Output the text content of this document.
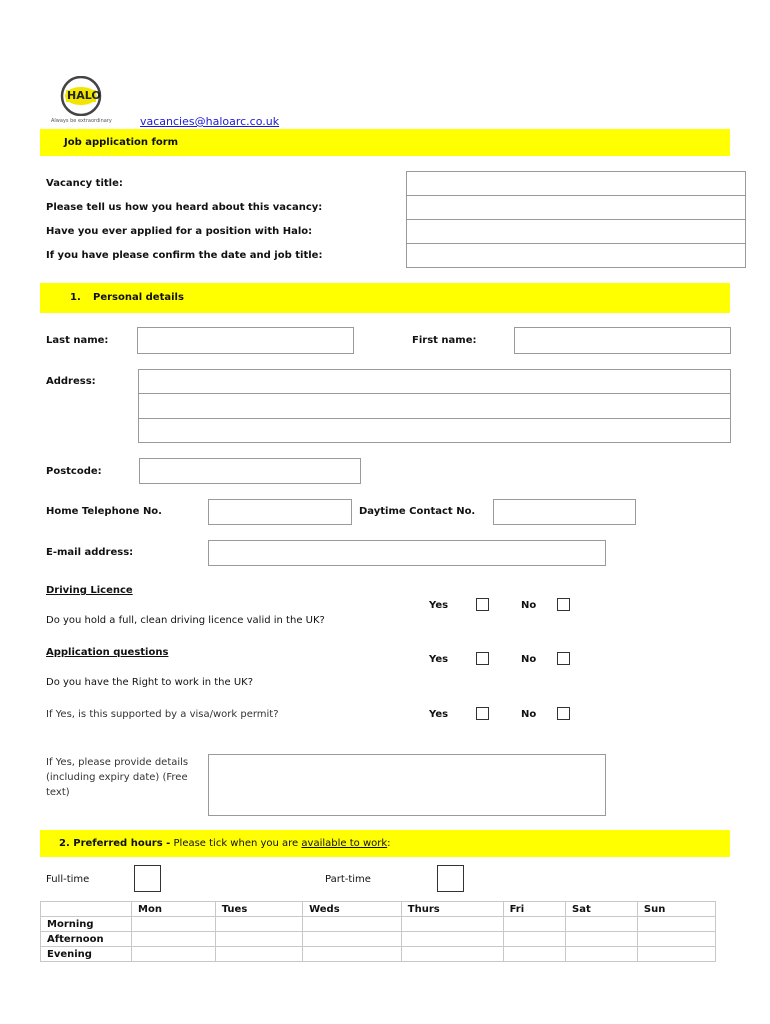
HALO
Always be extraordinary	vacancies@haloarc.co.uk
Job application form
Vacancy title:
Please tell us how you heard about this vacancy:
Have you ever applied for a position with Halo:
If you have please confirm the date and job title:
1. Personal details
Last name:	First name:
Address:
Postcode:
Home Telephone No.	Daytime Contact No.
E-mail address:
Driving Licence
Yes	No
Do you hold a full, clean driving licence valid in the UK?
Application questions
Yes	No
Do you have the Right to work in the UK?
If Yes, is this supported by a visa/work permit?	Yes	No
If Yes, please provide details
(including expiry date) (Free
text)
2. Preferred hours - Please tick when you are available to work:
Full-time	Part-time
	Mon	Tues	Weds	Thurs	Fri	Sat	Sun
Morning							
Afternoon							
Evening							
